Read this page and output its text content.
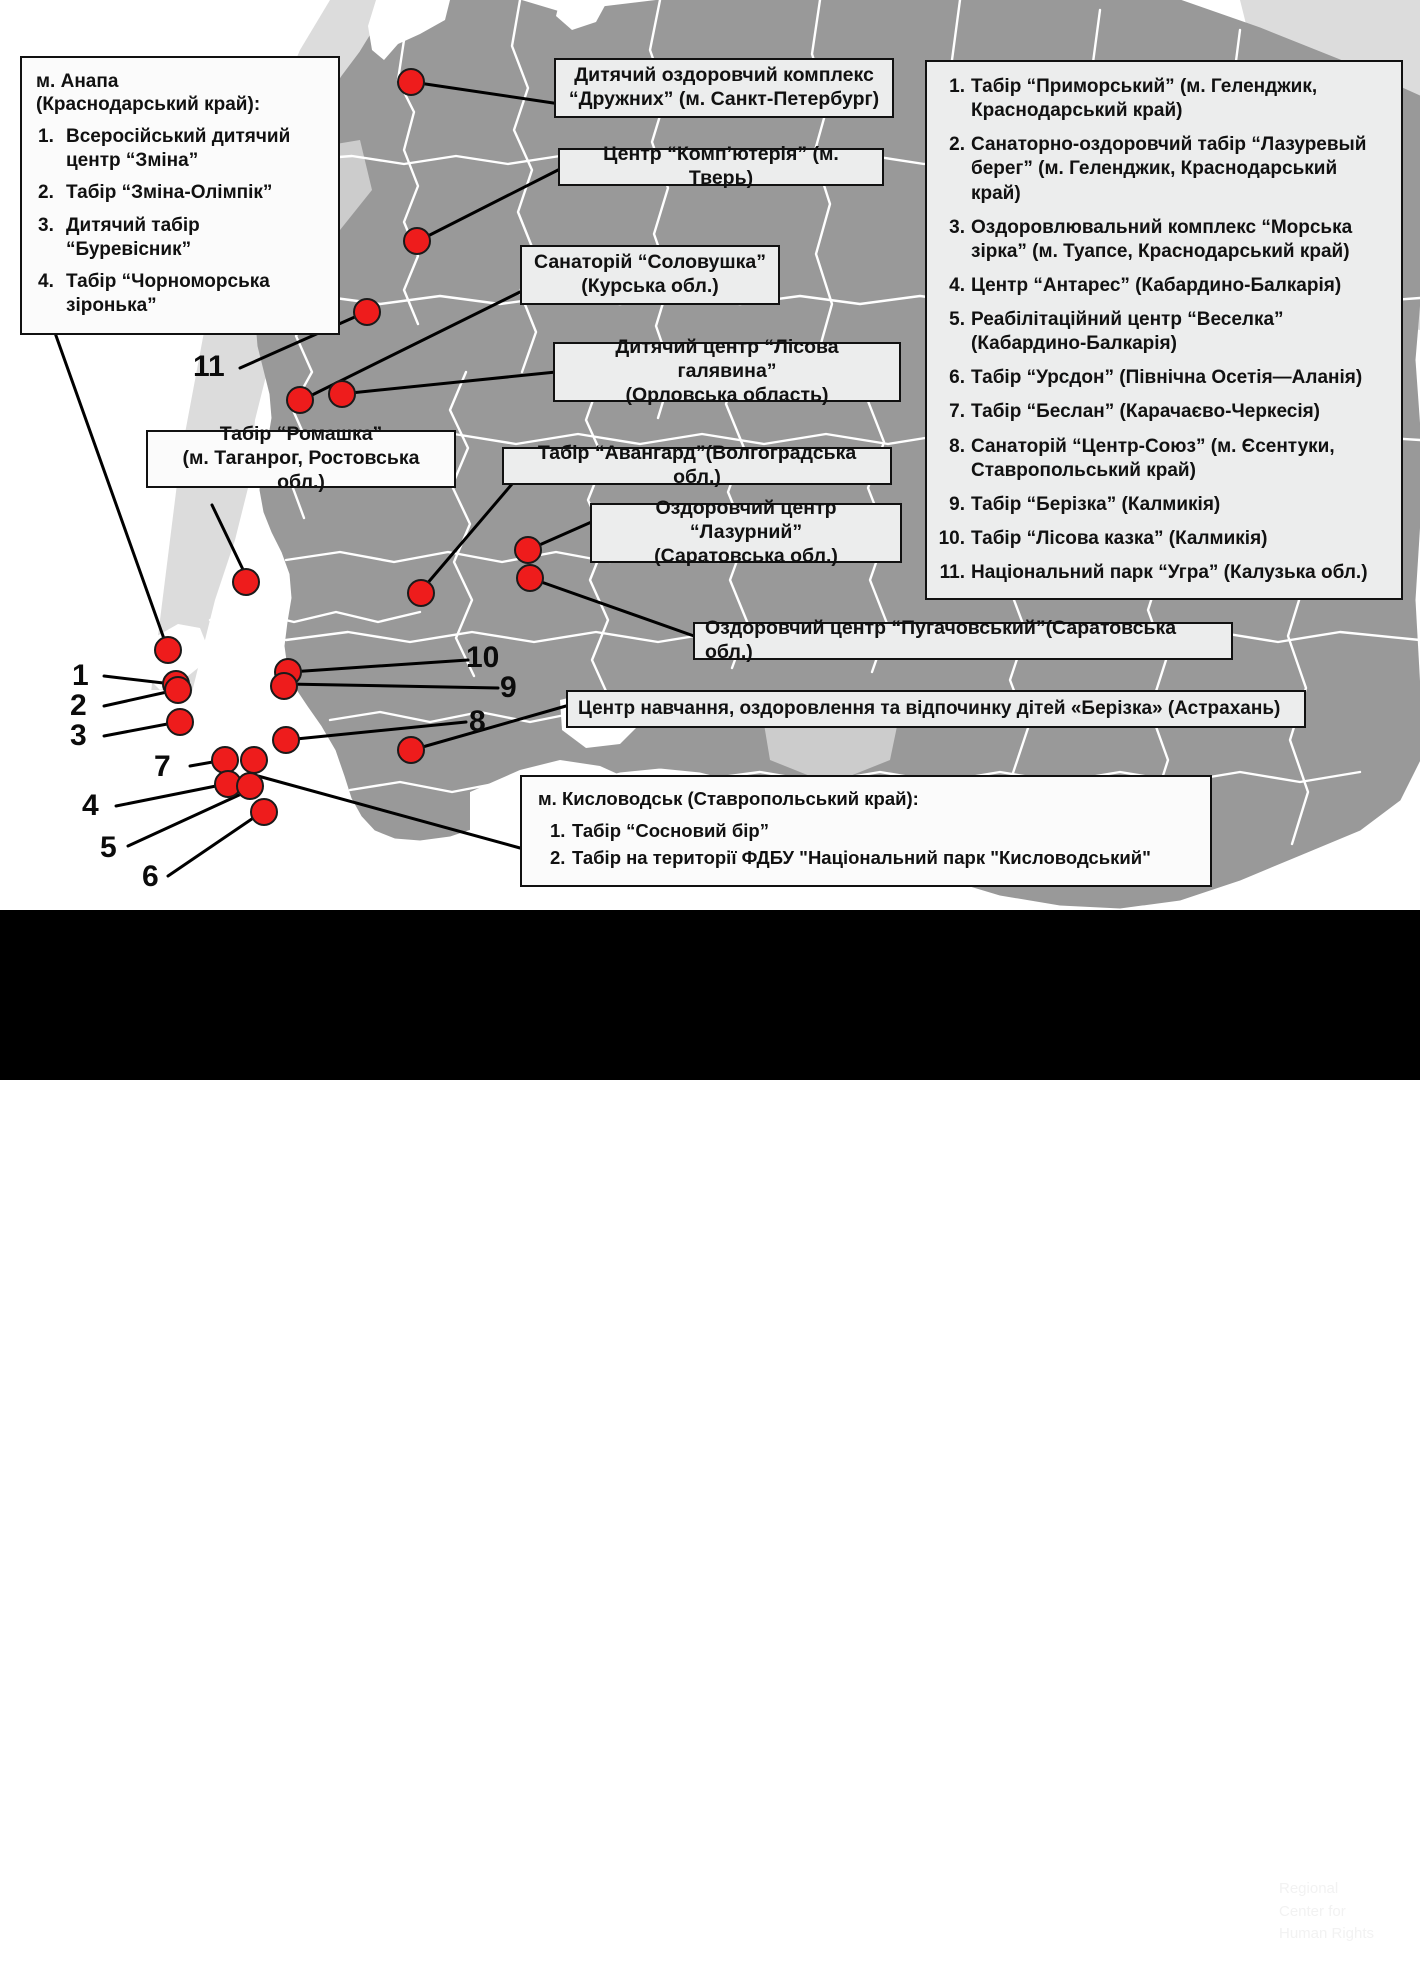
Дитячий оздоровчий комплекс
“Дружних” (м. Санкт-Петербург)
Центр “Комп’ютерія” (м. Тверь)
Санаторій “Соловушка”
(Курська обл.)
Дитячий центр “Лісова галявина”
(Орловська область)
Табір “Ромашка”
(м. Таганрог, Ростовська обл.)
Табір “Авангард”(Волгоградська обл.)
Оздоровчий центр “Лазурний”
(Саратовська обл.)
Оздоровчий центр “Пугачовський”(Саратовська обл.)
Центр навчання, оздоровлення та відпочинку дітей «Берізка» (Астрахань)
м. Анапа
(Краснодарський край):
1. Всеросійський дитячий центр “Зміна”
2. Табір “Зміна-Олімпік”
3. Дитячий табір “Буревісник”
4. Табір “Чорноморська зіронька”
1. Табір “Приморський” (м. Геленджик, Краснодарський край)
2. Санаторно-оздоровчий табір “Лазуревый берег” (м. Геленджик, Краснодарський край)
3. Оздоровлювальний комплекс “Морська зірка” (м. Туапсе, Краснодарський край)
4. Центр “Антарес” (Кабардино-Балкарія)
5. Реабілітаційний центр “Веселка” (Кабардино-Балкарія)
6. Табір “Урсдон” (Північна Осетія—Аланія)
7. Табір “Беслан” (Карачаєво-Черкесія)
8. Санаторій “Центр-Союз” (м. Єсентуки, Ставропольський край)
9. Табір “Берізка” (Калмикія)
10. Табір “Лісова казка” (Калмикія)
11. Національний парк “Угра” (Калузька обл.)
м. Кисловодськ (Ставропольський край):
1. Табір “Сосновий бір”
2. Табір на території ФДБУ "Національний парк "Кисловодський"
1
2
3
4
5
6
7
8
9
10
11
РОСІЙСЬКІ ТАБОРИ ПЕРЕВИХОВАННЯ
В ЄВРОПЕЙСЬКІЙ ЧАСТИНІ РОСІЇ У 2024 РОЦІ	NED	NATIONAL
ENDOWMENT
FOR
DEMOCRACY
Regional
Center for
Human Rights
